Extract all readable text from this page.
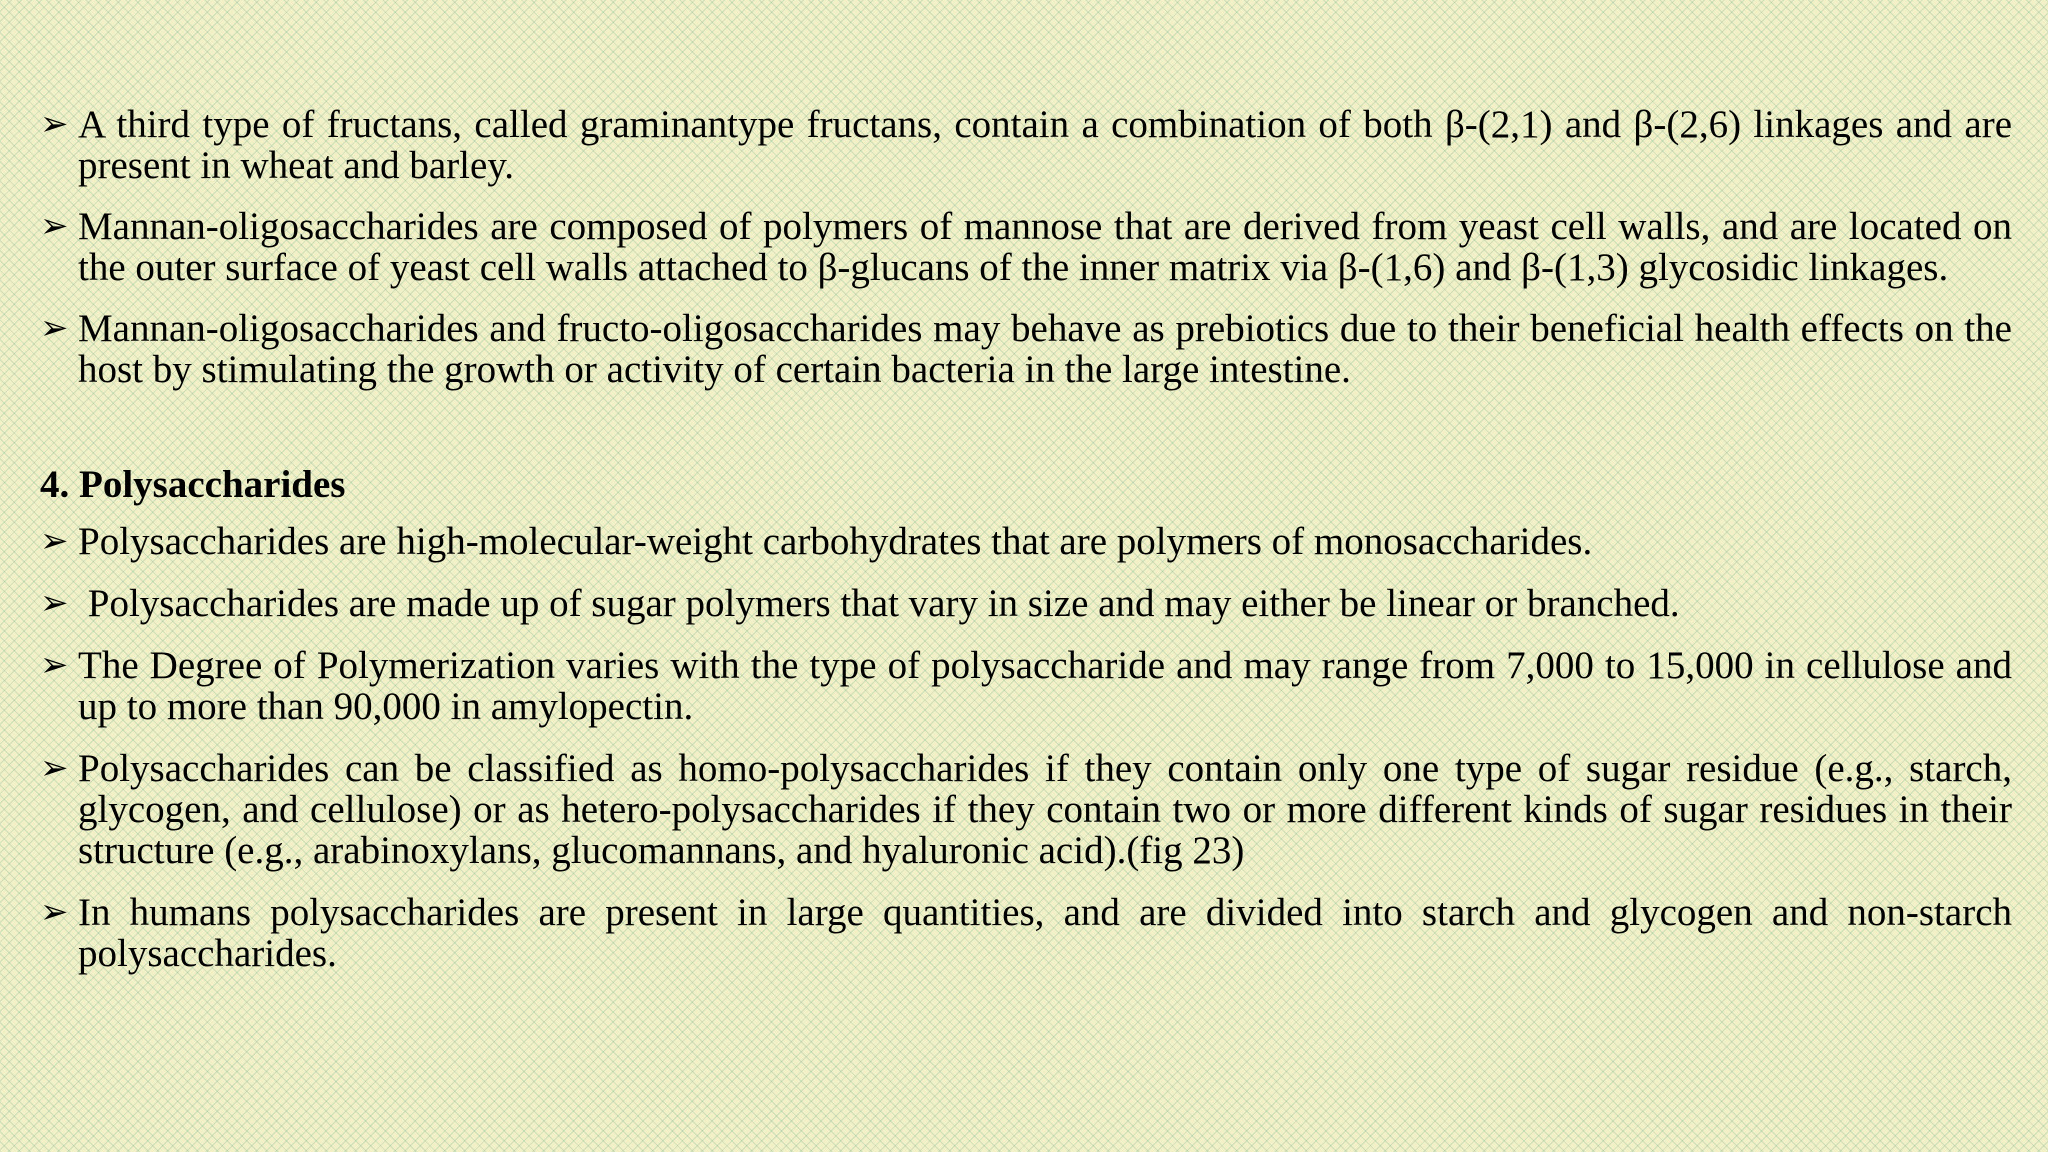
➢ A third type of fructans, called graminantype fructans, contain a combination of both β-(2,1) and β-(2,6) linkages and are present in wheat and barley.
➢ Mannan-oligosaccharides are composed of polymers of mannose that are derived from yeast cell walls, and are located on the outer surface of yeast cell walls attached to β-glucans of the inner matrix via β-(1,6) and β-(1,3) glycosidic linkages.
➢ Mannan-oligosaccharides and fructo-oligosaccharides may behave as prebiotics due to their beneficial health effects on the host by stimulating the growth or activity of certain bacteria in the large intestine.
4. Polysaccharides
➢ Polysaccharides are high-molecular-weight carbohydrates that are polymers of monosaccharides.
➢ Polysaccharides are made up of sugar polymers that vary in size and may either be linear or branched.
➢ The Degree of Polymerization varies with the type of polysaccharide and may range from 7,000 to 15,000 in cellulose and up to more than 90,000 in amylopectin.
➢ Polysaccharides can be classified as homo-polysaccharides if they contain only one type of sugar residue (e.g., starch, glycogen, and cellulose) or as hetero-polysaccharides if they contain two or more different kinds of sugar residues in their structure (e.g., arabinoxylans, glucomannans, and hyaluronic acid).(fig 23)
➢ In humans polysaccharides are present in large quantities, and are divided into starch and glycogen and non-starch polysaccharides.
